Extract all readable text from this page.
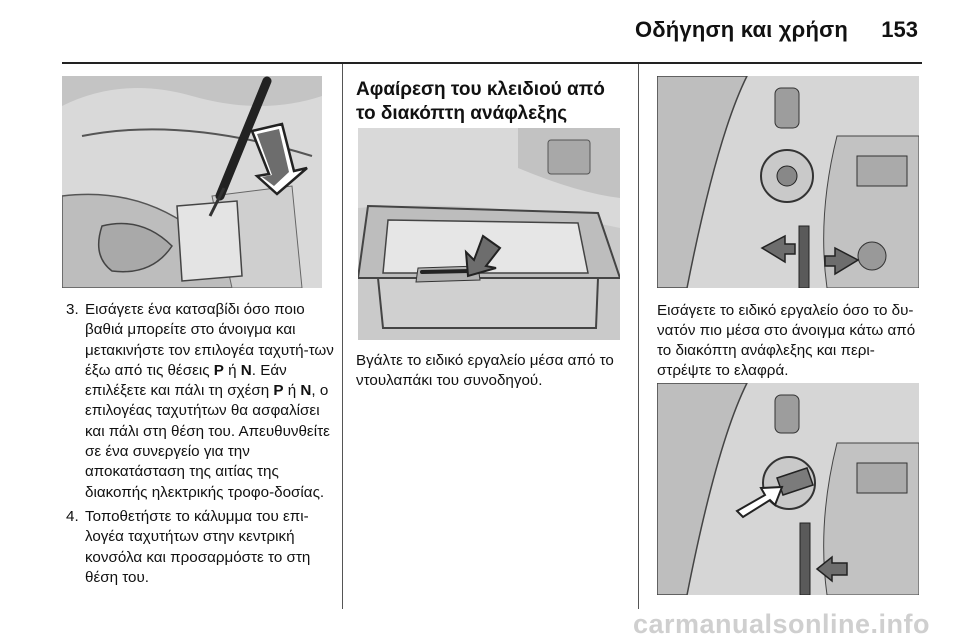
Οδήγηση και χρήση 153
3. Εισάγετε ένα κατσαβίδι όσο ποιο βαθιά μπορείτε στο άνοιγμα και μετακινήστε τον επιλογέα ταχυτή-των έξω από τις θέσεις P ή N. Εάν επιλέξετε και πάλι τη σχέση P ή N, ο επιλογέας ταχυτήτων θα ασφαλίσει και πάλι στη θέση του. Απευθυνθείτε σε ένα συνεργείο για την αποκατάσταση της αιτίας της διακοπής ηλεκτρικής τροφο-δοσίας.
4. Τοποθετήστε το κάλυμμα του επι-λογέα ταχυτήτων στην κεντρική κονσόλα και προσαρμόστε το στη θέση του.
Αφαίρεση του κλειδιού από το διακόπτη ανάφλεξης

Βγάλτε το ειδικό εργαλείο μέσα από το ντουλαπάκι του συνοδηγού.

Εισάγετε το ειδικό εργαλείο όσο το δυ-νατόν πιο μέσα στο άνοιγμα κάτω από το διακόπτη ανάφλεξης και περι-στρέψτε το ελαφρά.

carmanualsonline.info
